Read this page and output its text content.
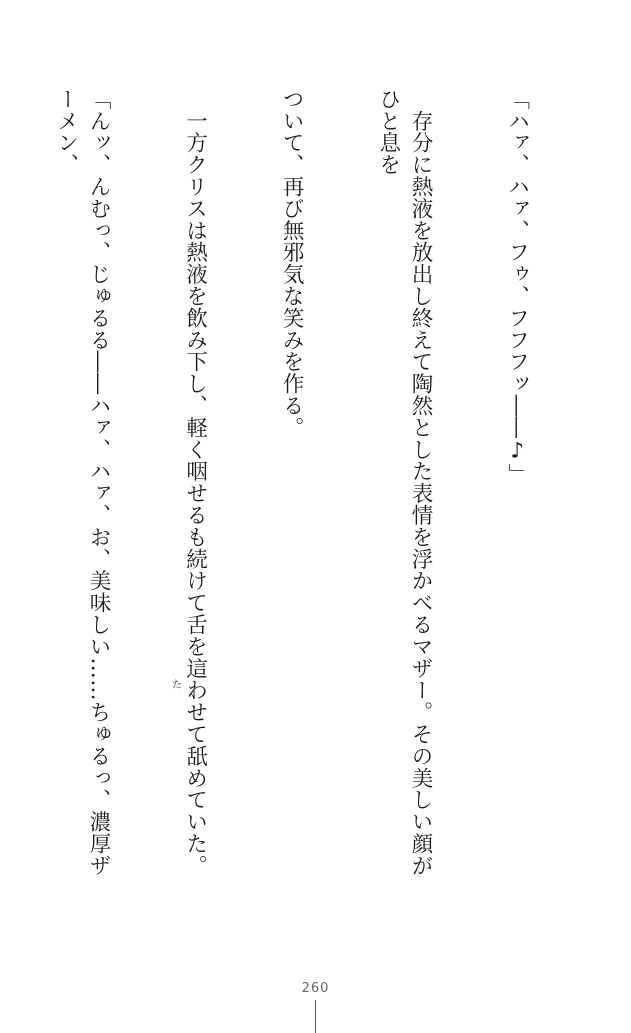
「ハァ、ハァ、フゥ、フフフッ――♪」

　存分に熱液を放出し終えて陶然とした表情を浮かべるマザー。その美しい顔がひと息を

ついて、再び無邪気な笑みを作る。

　一方クリスは熱液を飲み下し、軽く咽せるも続けて舌を這わせて舐めていた。

「んッ、んむっ、じゅるる――ハァ、ハァ、お、美味しい……ちゅるっ、濃厚ザーメン、

た
260
